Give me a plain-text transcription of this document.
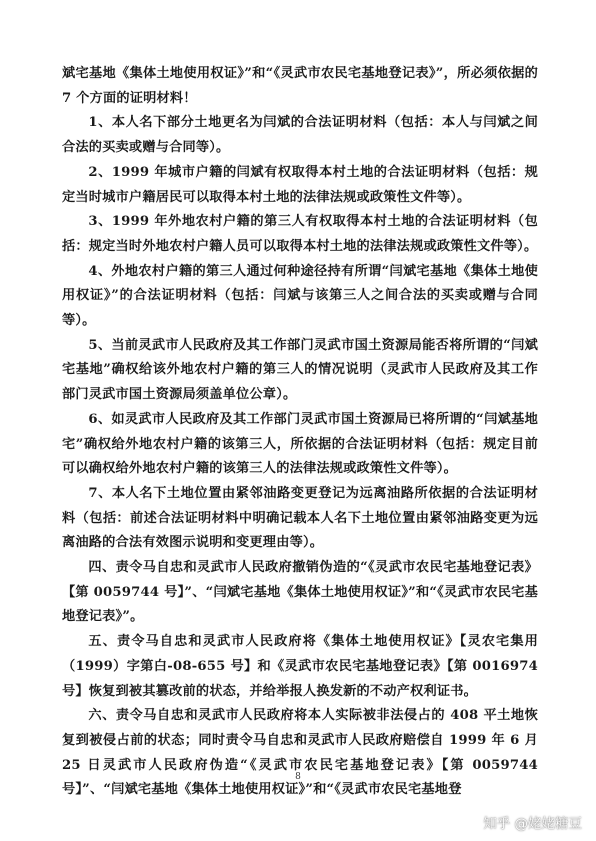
斌宅基地《集体土地使用权证》”和“《灵武市农民宅基地登记表》”，所必须依据的 7 个方面的证明材料！

1、本人名下部分土地更名为闫斌的合法证明材料（包括：本人与闫斌之间合法的买卖或赠与合同等）。

2、1999 年城市户籍的闫斌有权取得本村土地的合法证明材料（包括：规定当时城市户籍居民可以取得本村土地的法律法规或政策性文件等）。

3、1999 年外地农村户籍的第三人有权取得本村土地的合法证明材料（包括：规定当时外地农村户籍人员可以取得本村土地的法律法规或政策性文件等）。

4、外地农村户籍的第三人通过何种途径持有所谓“闫斌宅基地《集体土地使用权证》”的合法证明材料（包括：闫斌与该第三人之间合法的买卖或赠与合同等）。

5、当前灵武市人民政府及其工作部门灵武市国土资源局能否将所谓的“闫斌宅基地”确权给该外地农村户籍的第三人的情况说明（灵武市人民政府及其工作部门灵武市国土资源局须盖单位公章）。

6、如灵武市人民政府及其工作部门灵武市国土资源局已将所谓的“闫斌基地宅”确权给外地农村户籍的该第三人，所依据的合法证明材料（包括：规定目前可以确权给外地农村户籍的该第三人的法律法规或政策性文件等）。

7、本人名下土地位置由紧邻油路变更登记为远离油路所依据的合法证明材料（包括：前述合法证明材料中明确记载本人名下土地位置由紧邻油路变更为远离油路的合法有效图示说明和变更理由等）。

四、责令马自忠和灵武市人民政府撤销伪造的“《灵武市农民宅基地登记表》【第 0059744 号】”、“闫斌宅基地《集体土地使用权证》”和“《灵武市农民宅基地登记表》”。

五、责令马自忠和灵武市人民政府将《集体土地使用权证》【灵农宅集用（1999）字第白-08-655 号】和《灵武市农民宅基地登记表》【第 0016974 号】恢复到被其篡改前的状态，并给举报人换发新的不动产权利证书。

六、责令马自忠和灵武市人民政府将本人实际被非法侵占的 408 平土地恢复到被侵占前的状态；同时责令马自忠和灵武市人民政府赔偿自 1999 年 6 月 25 日灵武市人民政府伪造“《灵武市农民宅基地登记表》【第 0059744 号】”、“闫斌宅基地《集体土地使用权证》”和“《灵武市农民宅基地登

8
知乎 @姥姥糖豆
